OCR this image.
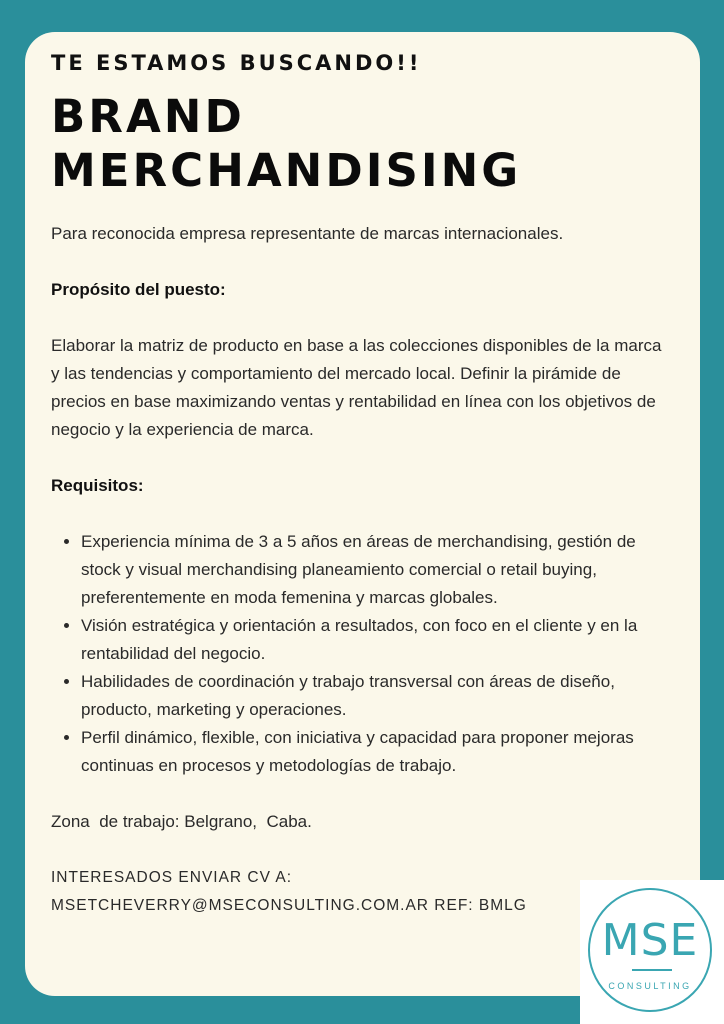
TE ESTAMOS BUSCANDO!!

BRAND
MERCHANDISING

Para reconocida empresa representante de marcas internacionales.

Propósito del puesto:

Elaborar la matriz de producto en base a las colecciones disponibles de la marca y las tendencias y comportamiento del mercado local. Definir la pirámide de precios en base maximizando ventas y rentabilidad en línea con los objetivos de negocio y la experiencia de marca.

Requisitos:

• Experiencia mínima de 3 a 5 años en áreas de merchandising, gestión de stock y visual merchandising planeamiento comercial o retail buying, preferentemente en moda femenina y marcas globales.
• Visión estratégica y orientación a resultados, con foco en el cliente y en la rentabilidad del negocio.
• Habilidades de coordinación y trabajo transversal con áreas de diseño, producto, marketing y operaciones.
• Perfil dinámico, flexible, con iniciativa y capacidad para proponer mejoras continuas en procesos y metodologías de trabajo.

Zona  de trabajo: Belgrano,  Caba.

INTERESADOS ENVIAR CV A:
MSETCHEVERRY@MSECONSULTING.COM.AR REF: BMLG
MSE
CONSULTING
